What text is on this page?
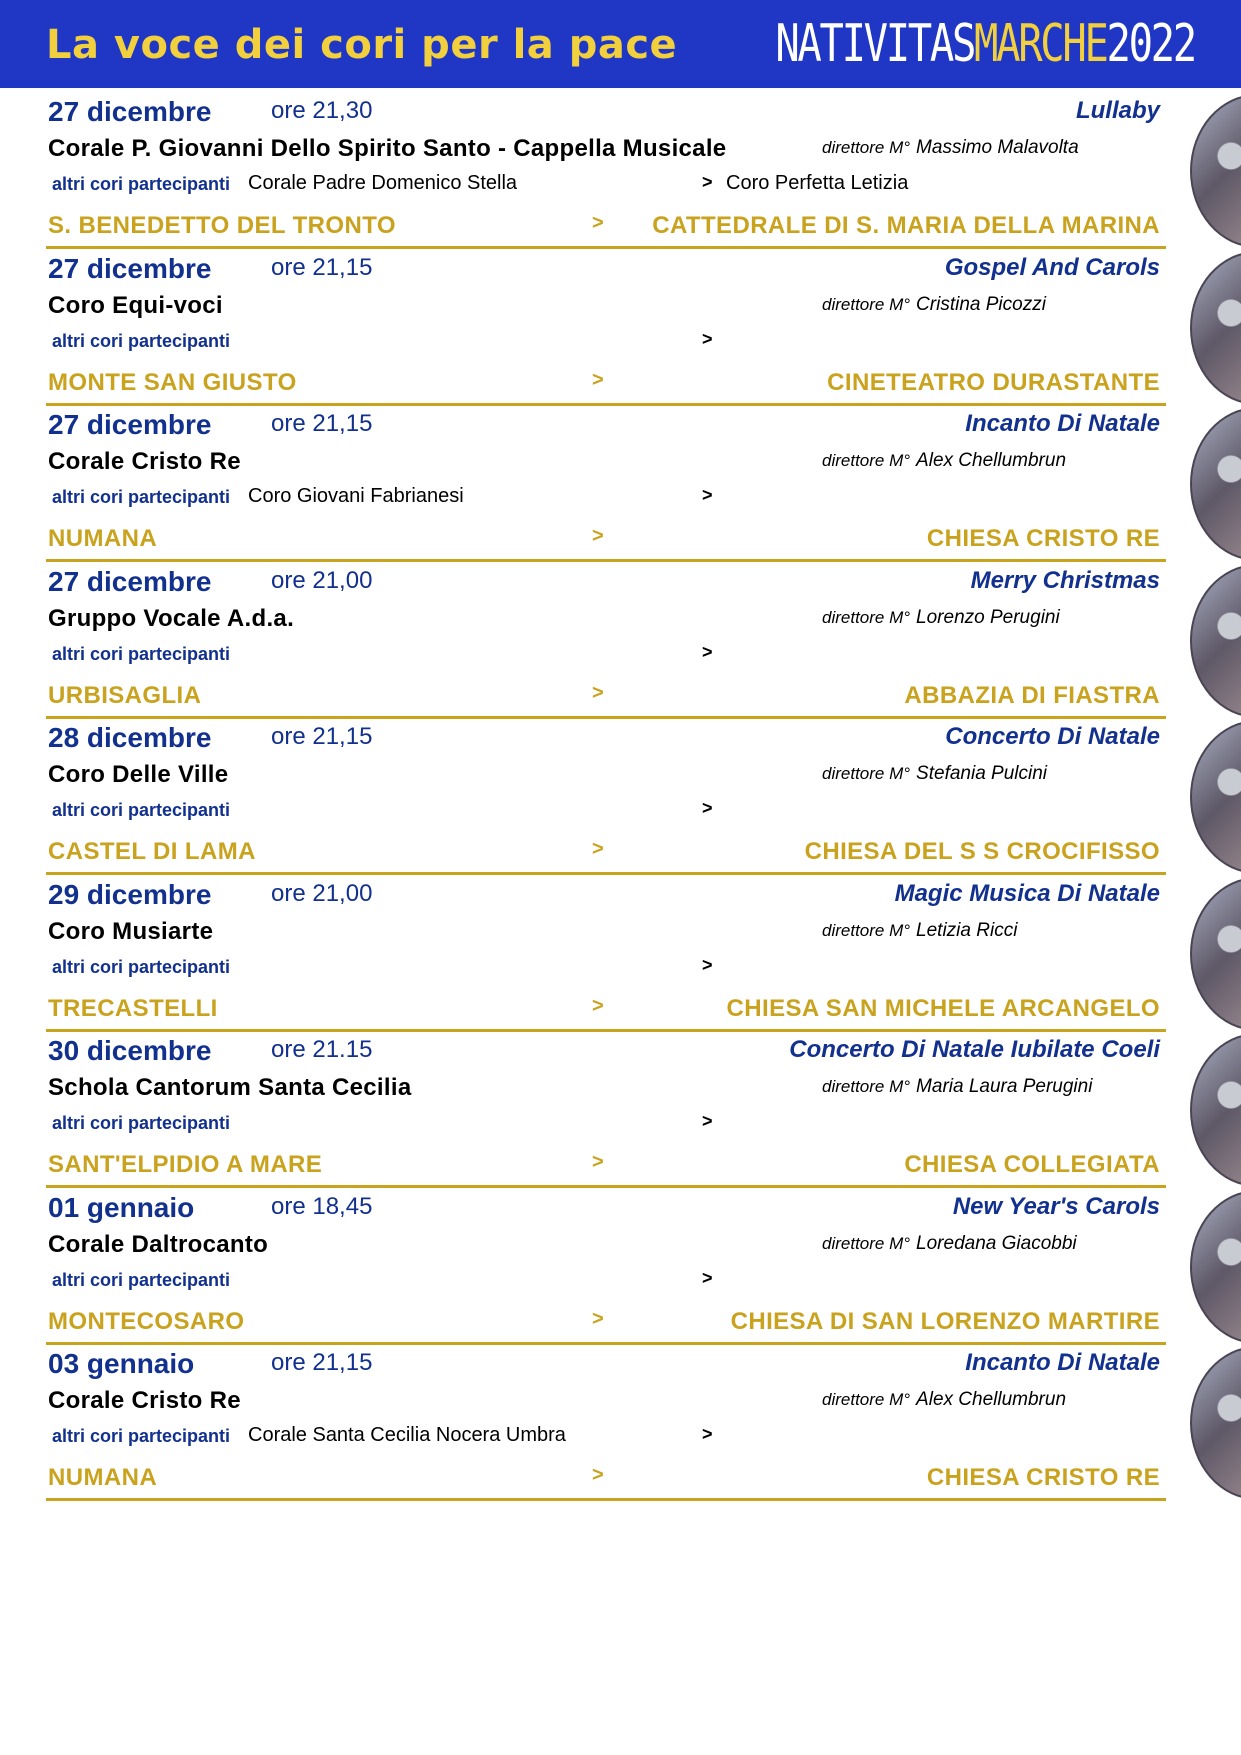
La voce dei cori per la pace NATIVITASMARCHE2022
27 dicembre ore 21,30	Lullaby
Corale P. Giovanni Dello Spirito Santo - Cappella Musicale	direttore M° Massimo Malavolta
altri cori partecipanti Corale Padre Domenico Stella	> Coro Perfetta Letizia
S. BENEDETTO DEL TRONTO	> CATTEDRALE DI S. MARIA DELLA MARINA
27 dicembre ore 21,15	Gospel And Carols
Coro Equi-voci	direttore M° Cristina Picozzi
altri cori partecipanti	>
MONTE SAN GIUSTO	>	CINETEATRO DURASTANTE
27 dicembre ore 21,15	Incanto Di Natale
Corale Cristo Re	direttore M° Alex Chellumbrun
altri cori partecipanti Coro Giovani Fabrianesi	>
NUMANA	>	CHIESA CRISTO RE
27 dicembre ore 21,00	Merry Christmas
Gruppo Vocale A.d.a.	direttore M° Lorenzo Perugini
altri cori partecipanti	>
URBISAGLIA	>	ABBAZIA DI FIASTRA
28 dicembre ore 21,15	Concerto Di Natale
Coro Delle Ville	direttore M° Stefania Pulcini
altri cori partecipanti	>
CASTEL DI LAMA	>	CHIESA DEL S S CROCIFISSO
29 dicembre ore 21,00	Magic Musica Di Natale
Coro Musiarte	direttore M° Letizia Ricci
altri cori partecipanti	>
TRECASTELLI	>	CHIESA SAN MICHELE ARCANGELO
30 dicembre ore 21.15	Concerto Di Natale Iubilate Coeli
Schola Cantorum Santa Cecilia	direttore M° Maria Laura Perugini
altri cori partecipanti	>
SANT'ELPIDIO A MARE	>	CHIESA COLLEGIATA
01 gennaio	ore 18,45	New Year's Carols
Corale Daltrocanto	direttore M° Loredana Giacobbi
altri cori partecipanti	>
MONTECOSARO	>	CHIESA DI SAN LORENZO MARTIRE
03 gennaio	ore 21,15	Incanto Di Natale
Corale Cristo Re	direttore M° Alex Chellumbrun
altri cori partecipanti Corale Santa Cecilia Nocera Umbra	>
NUMANA	>	CHIESA CRISTO RE
